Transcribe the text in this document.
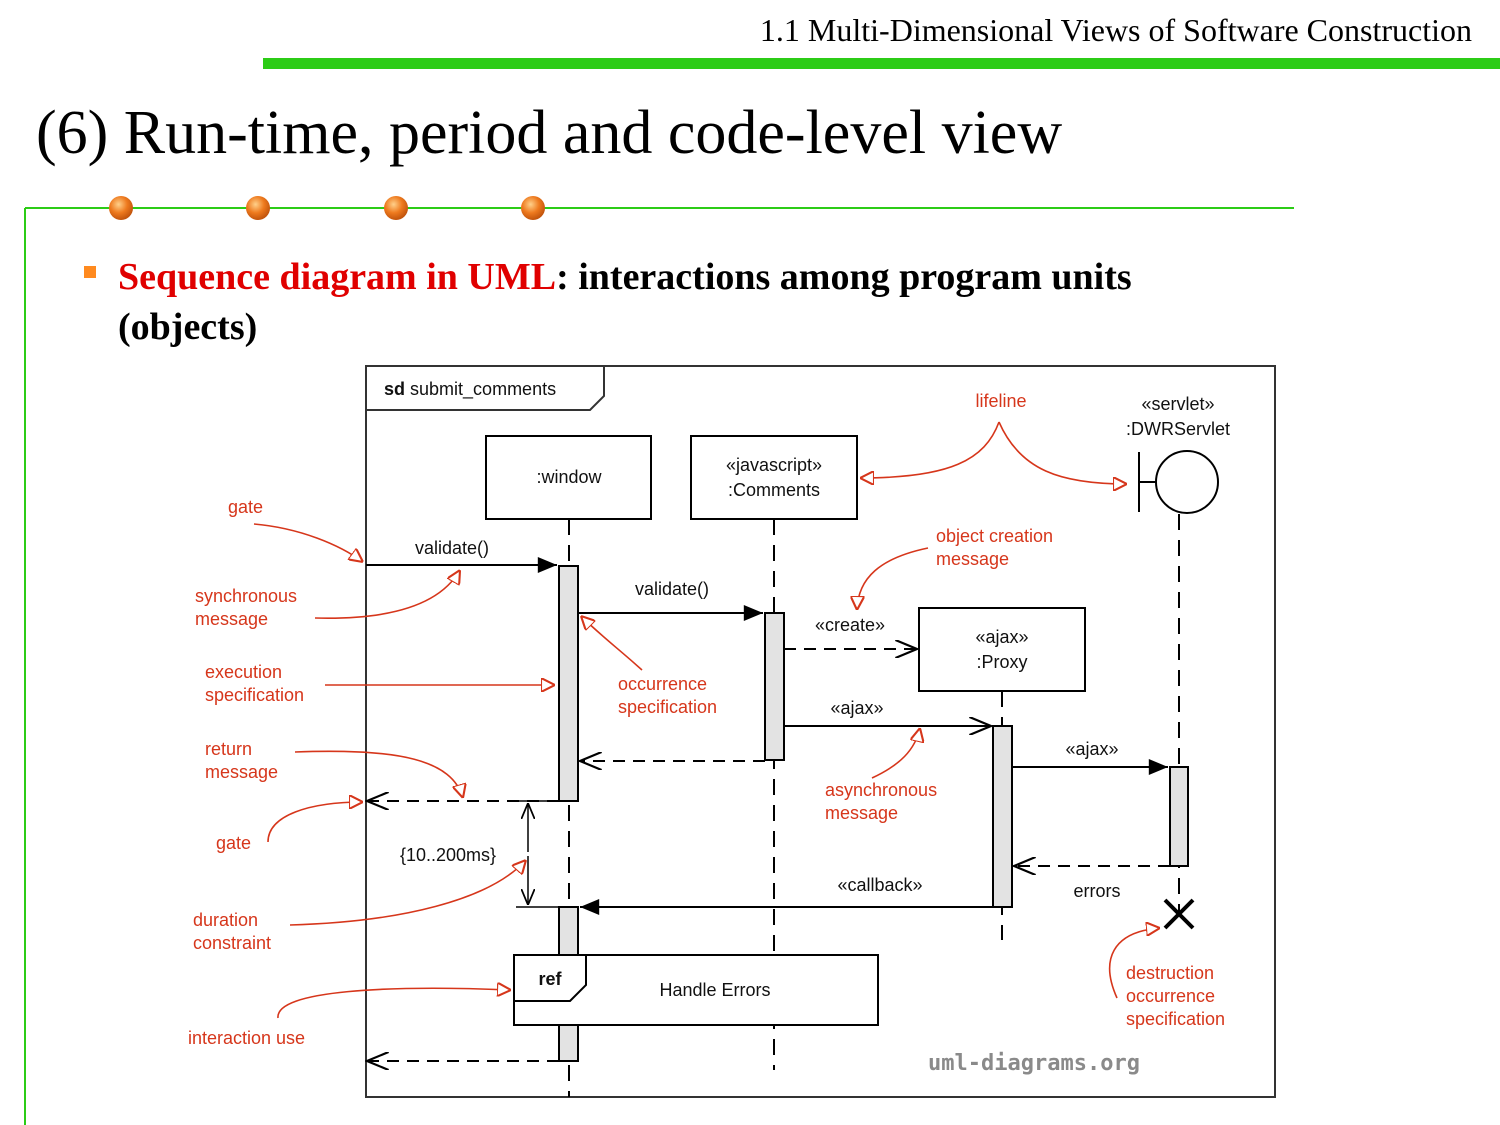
1.1 Multi-Dimensional Views of Software Construction
(6) Run-time, period and code-level view
Sequence diagram in UML: interactions among program units
(objects)
sd submit_comments
:window
«javascript»
:Comments
«servlet»
:DWRServlet
«ajax»
:Proxy
validate()
validate()
«create»
«ajax»
«ajax»
errors
«callback»
{10..200ms}
ref
Handle Errors
uml-diagrams.org
lifeline
gate
synchronous
message
execution
specification
return
message
gate
duration
constraint
interaction use
object creation
message
occurrence
specification
asynchronous
message
destruction
occurrence
specification
